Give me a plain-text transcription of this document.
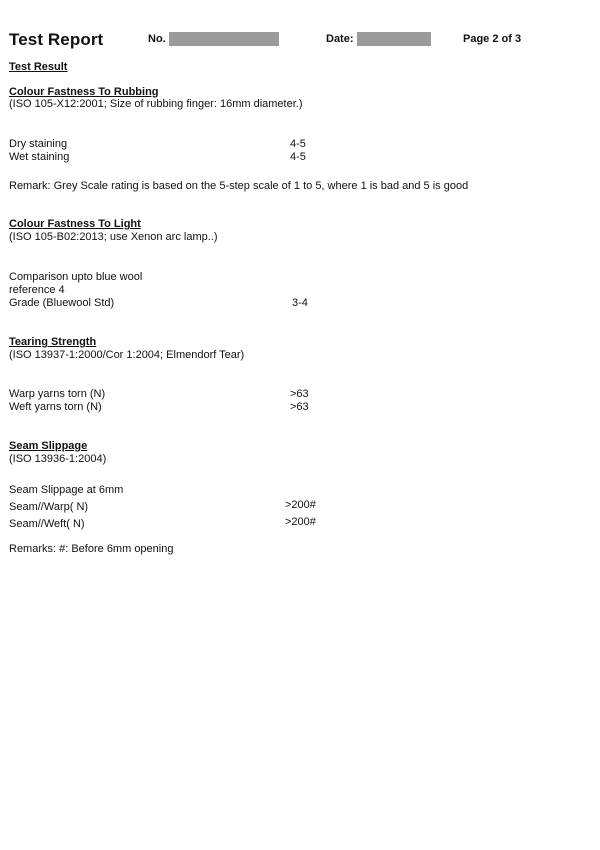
Test Report	No.	Date:	Page 2 of 3
Test Result
Colour Fastness To Rubbing
(ISO 105-X12:2001; Size of rubbing finger: 16mm diameter.)
Dry staining	4-5
Wet staining	4-5
Remark: Grey Scale rating is based on the 5-step scale of 1 to 5, where 1 is bad and 5 is good
Colour Fastness To Light
(ISO 105-B02:2013; use Xenon arc lamp..)
Comparison upto blue wool
reference 4
Grade (Bluewool Std)	3-4
Tearing Strength
(ISO 13937-1:2000/Cor 1:2004; Elmendorf Tear)
Warp yarns torn (N)	>63
Weft yarns torn (N)	>63
Seam Slippage
(ISO 13936-1:2004)
Seam Slippage at 6mm
Seam//Warp( N)	>200#
Seam//Weft( N)	>200#
Remarks: #: Before 6mm opening
